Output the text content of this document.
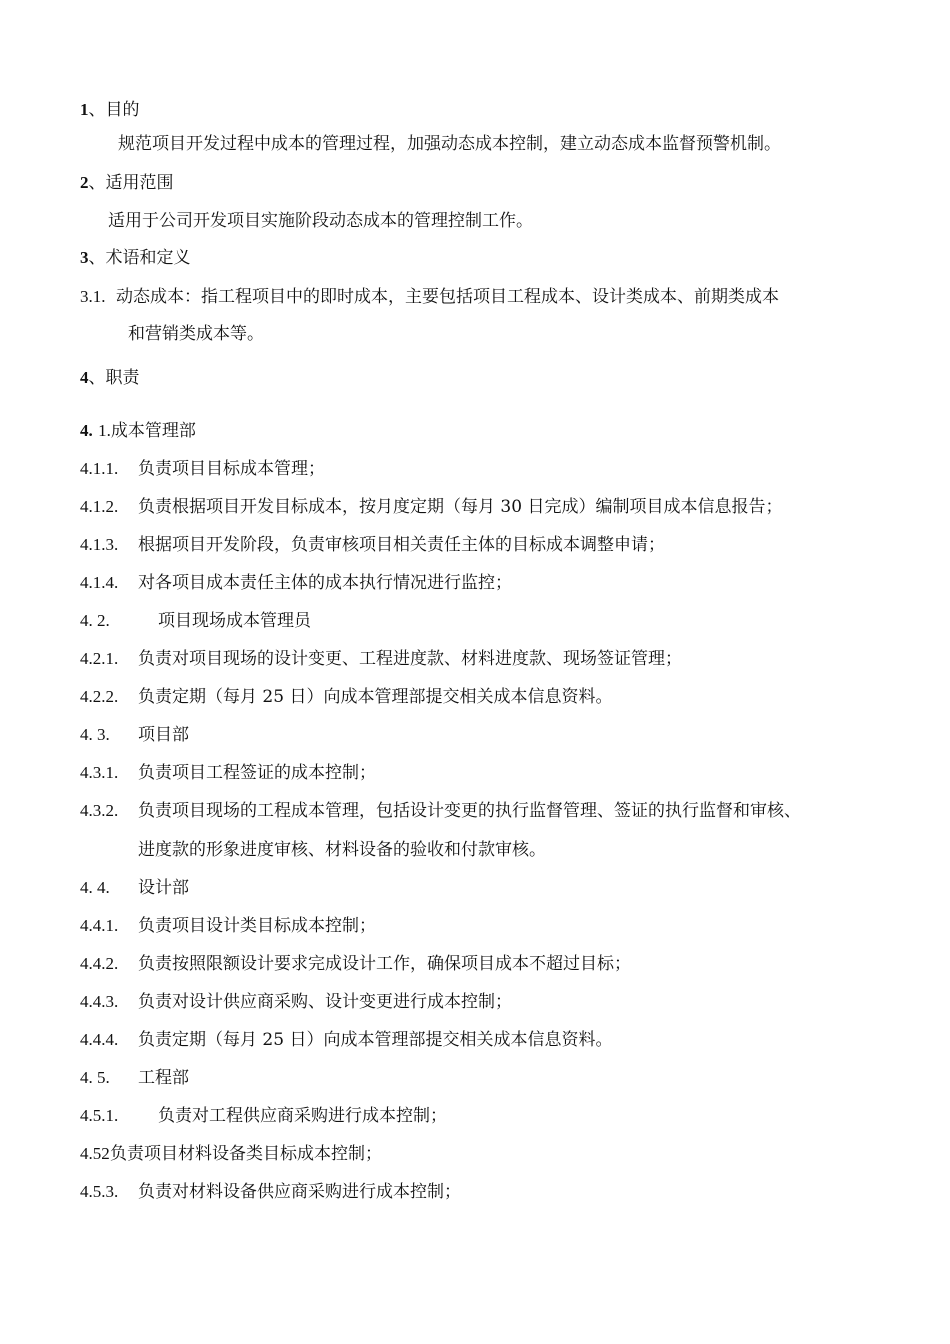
1、目的
规范项目开发过程中成本的管理过程，加强动态成本控制，建立动态成本监督预警机制。
2、适用范围
适用于公司开发项目实施阶段动态成本的管理控制工作。
3、术语和定义
3.1. 动态成本：指工程项目中的即时成本，主要包括项目工程成本、设计类成本、前期类成本
和营销类成本等。
4、职责
4. 1.成本管理部
4.1.1. 负责项目目标成本管理；
4.1.2. 负责根据项目开发目标成本，按月度定期（每月 30 日完成）编制项目成本信息报告；
4.1.3. 根据项目开发阶段，负责审核项目相关责任主体的目标成本调整申请；
4.1.4. 对各项目成本责任主体的成本执行情况进行监控；
4. 2.	项目现场成本管理员
4.2.1. 负责对项目现场的设计变更、工程进度款、材料进度款、现场签证管理；
4.2.2. 负责定期（每月 25 日）向成本管理部提交相关成本信息资料。
4. 3. 项目部
4.3.1. 负责项目工程签证的成本控制；
4.3.2. 负责项目现场的工程成本管理，包括设计变更的执行监督管理、签证的执行监督和审核、
进度款的形象进度审核、材料设备的验收和付款审核。
4. 4. 设计部
4.4.1. 负责项目设计类目标成本控制；
4.4.2. 负责按照限额设计要求完成设计工作，确保项目成本不超过目标；
4.4.3. 负责对设计供应商采购、设计变更进行成本控制；
4.4.4. 负责定期（每月 25 日）向成本管理部提交相关成本信息资料。
4. 5. 工程部
4.5.1. 负责对工程供应商采购进行成本控制；
4.52负责项目材料设备类目标成本控制；
4.5.3. 负责对材料设备供应商采购进行成本控制；
